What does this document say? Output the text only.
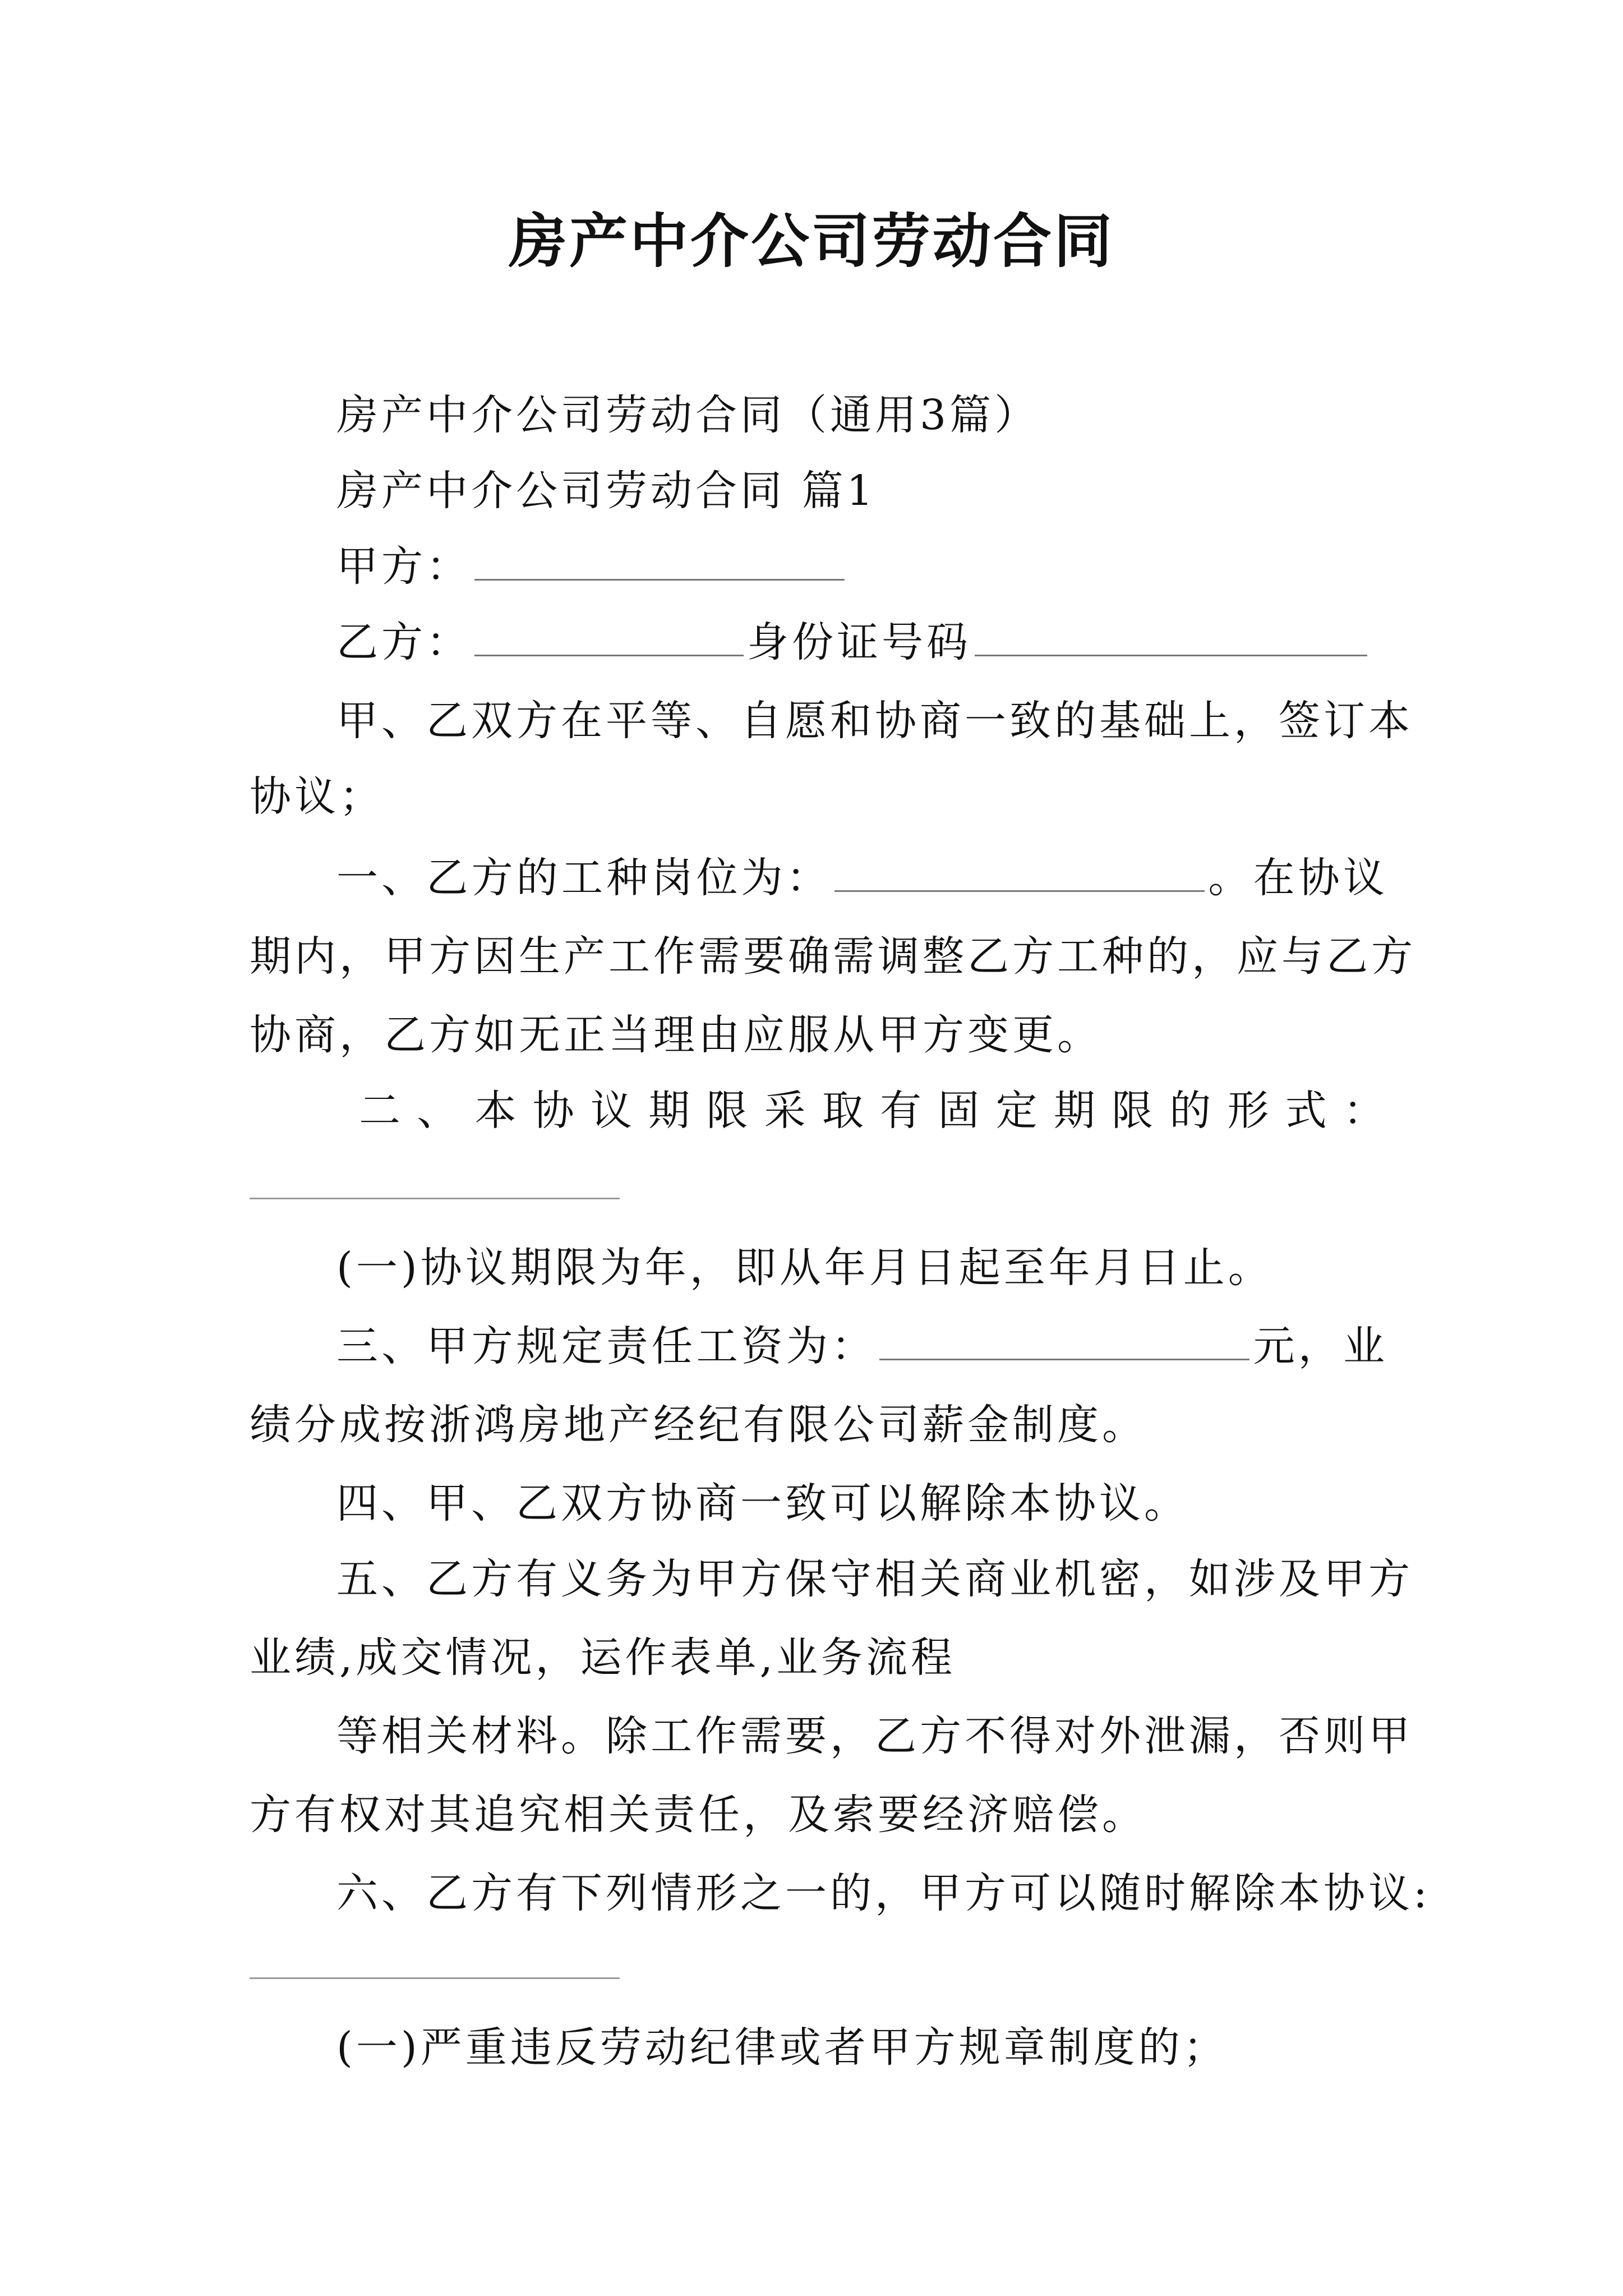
房产中介公司劳动合同
房产中介公司劳动合同（通用3篇）
房产中介公司劳动合同 篇1
甲方：
乙方：	身份证号码
甲、乙双方在平等、自愿和协商一致的基础上，签订本
协议；
一、乙方的工种岗位为：	。在协议
期内，甲方因生产工作需要确需调整乙方工种的，应与乙方
协商，乙方如无正当理由应服从甲方变更。
二、本协议期限采取有固定期限的形式：
(一)协议期限为年，即从年月日起至年月日止。
三、甲方规定责任工资为：	元，业
绩分成按浙鸿房地产经纪有限公司薪金制度。
四、甲、乙双方协商一致可以解除本协议。
五、乙方有义务为甲方保守相关商业机密，如涉及甲方
业绩,成交情况，运作表单,业务流程
等相关材料。除工作需要，乙方不得对外泄漏，否则甲
方有权对其追究相关责任，及索要经济赔偿。
六、乙方有下列情形之一的，甲方可以随时解除本协议:
(一)严重违反劳动纪律或者甲方规章制度的；
